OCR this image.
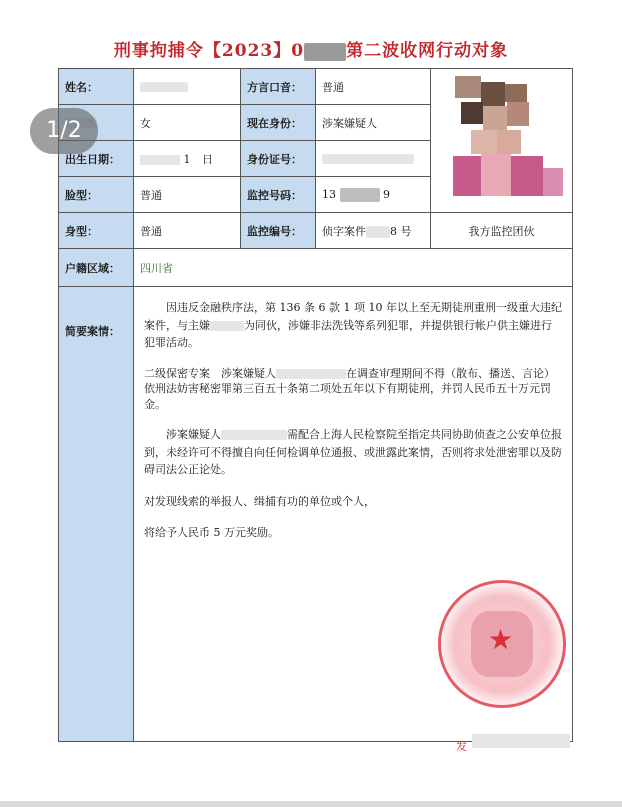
刑事拘捕令【2023】0 第二波收网行动对象
姓名：		方言口音：	普通	

	女	现在身份：	涉案嫌疑人	
出生日期：	1 日	身份证号：		
脸型：	普通	监控号码：	13 9	
身型：	普通	监控编号：	侦字案件 8 号	我方监控团伙
户籍区域：	四川省			
简要案情：	因违反金融秩序法，第 136 条 6 款 1 项 10 年以上至无期徒刑重刑一级重大违纪案件，与主嫌 为同伙，涉嫌非法洗钱等系列犯罪，并提供银行帐户供主嫌进行犯罪活动。

二级保密专案　涉案嫌疑人 在调查审理期间不得（散布、播送、言论）依刑法妨害秘密罪第三百五十条第二项处五年以下有期徒刑，并罚人民币五十万元罚金。

涉案嫌疑人 需配合上海人民检察院至指定共同协助侦查之公安单位报到，未经许可不得擅自向任何检调单位通报、或泄露此案情，否则将求处泄密罪以及防碍司法公正论处。

对发现线索的举报人、缉捕有功的单位或个人，

将给予人民币 5 万元奖励。			

1/2
★
发
